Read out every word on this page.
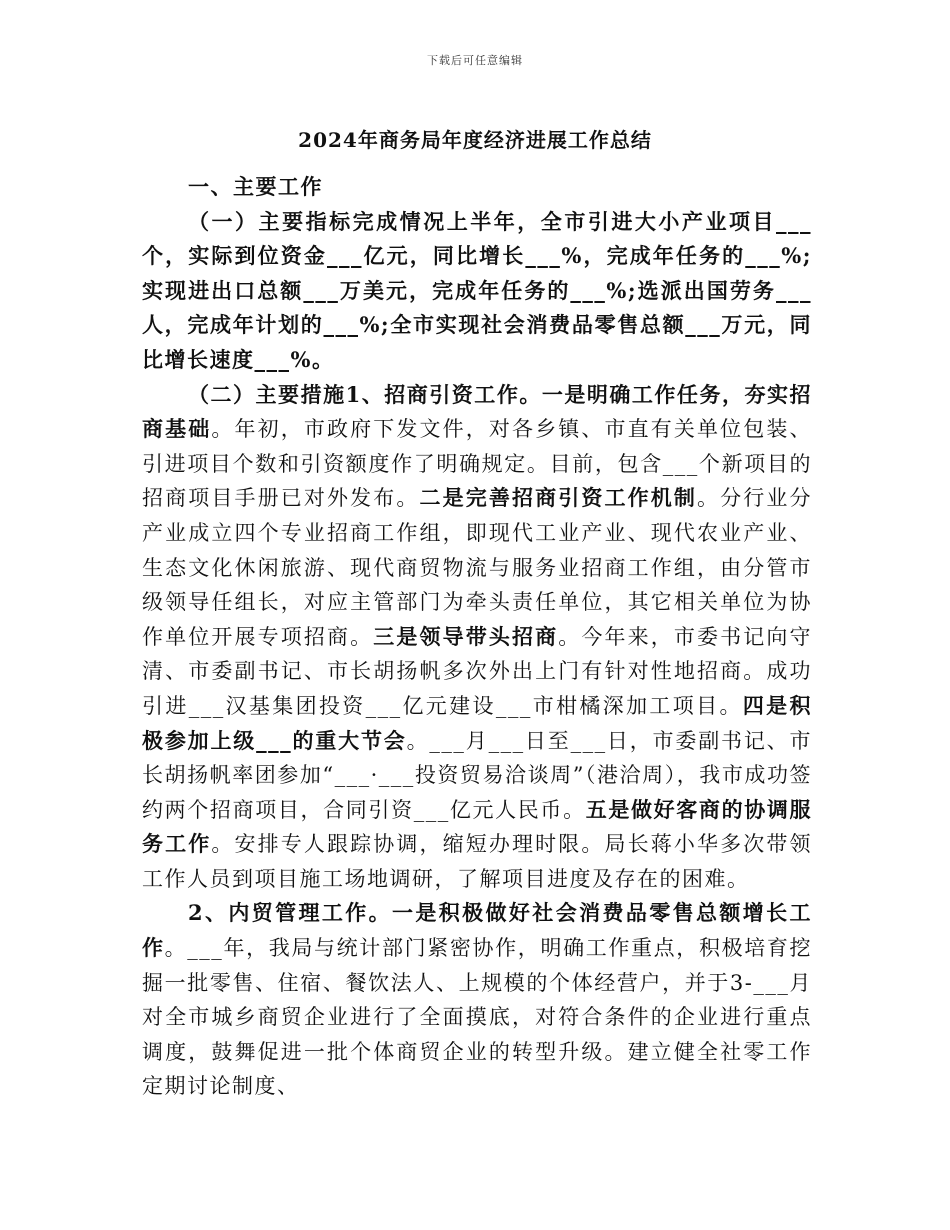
下载后可任意编辑
2024年商务局年度经济进展工作总结

一、主要工作

（一）主要指标完成情况上半年，全市引进大小产业项目___个，实际到位资金___亿元，同比增长___%，完成年任务的___%;实现进出口总额___万美元，完成年任务的___%;选派出国劳务___人，完成年计划的___%;全市实现社会消费品零售总额___万元，同比增长速度___%。

（二）主要措施1、招商引资工作。一是明确工作任务，夯实招商基础。年初，市政府下发文件，对各乡镇、市直有关单位包装、引进项目个数和引资额度作了明确规定。目前，包含___个新项目的招商项目手册已对外发布。二是完善招商引资工作机制。分行业分产业成立四个专业招商工作组，即现代工业产业、现代农业产业、生态文化休闲旅游、现代商贸物流与服务业招商工作组，由分管市级领导任组长，对应主管部门为牵头责任单位，其它相关单位为协作单位开展专项招商。三是领导带头招商。今年来，市委书记向守清、市委副书记、市长胡扬帆多次外出上门有针对性地招商。成功引进___汉基集团投资___亿元建设___市柑橘深加工项目。四是积极参加上级___的重大节会。___月___日至___日，市委副书记、市长胡扬帆率团参加“___·___投资贸易洽谈周”（港洽周），我市成功签约两个招商项目，合同引资___亿元人民币。五是做好客商的协调服务工作。安排专人跟踪协调，缩短办理时限。局长蒋小华多次带领工作人员到项目施工场地调研，了解项目进度及存在的困难。

2、内贸管理工作。一是积极做好社会消费品零售总额增长工作。___年，我局与统计部门紧密协作，明确工作重点，积极培育挖掘一批零售、住宿、餐饮法人、上规模的个体经营户，并于3-___月对全市城乡商贸企业进行了全面摸底，对符合条件的企业进行重点调度，鼓舞促进一批个体商贸企业的转型升级。建立健全社零工作定期讨论制度、
